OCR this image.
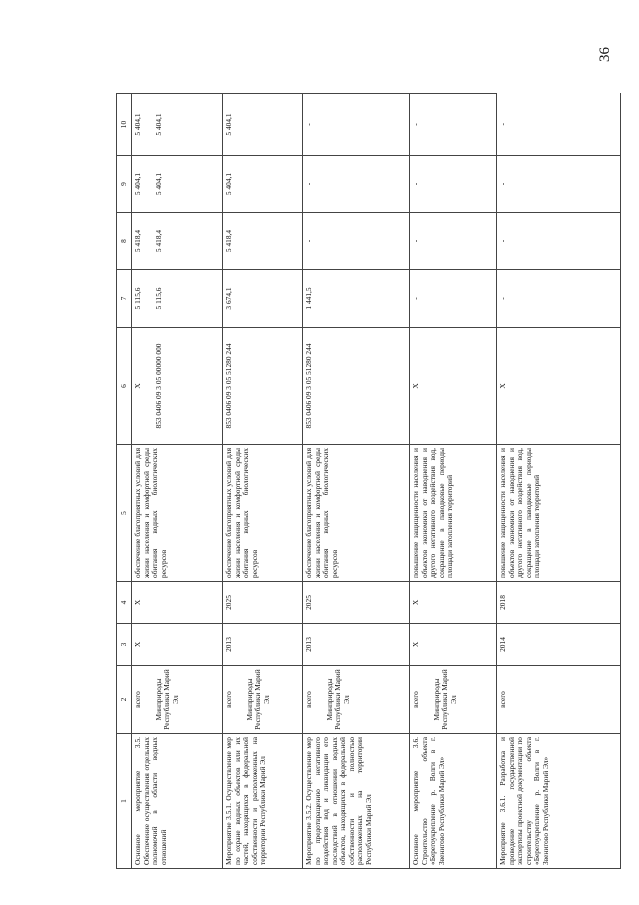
36
1	2	3	4	5	6	7	8	9	10
Основное мероприятие 3.5. Обеспечение осуществления отдельных полномочий в области водных отношений	всего Минприроды Республики Марий Эл	Х	Х	обеспечение благоприятных условий для жизни населения и комфортной среды обитания водных биологических ресурсов	Х 853 0406 09 3 05 00000 000	5 115,6 5 115,6	5 418,4 5 418,4	5 404,1 5 404,1	5 404,1 5 404,1

Мероприятие 3.5.1. Осуществление мер по охране водных объектов или их частей, находящихся в федеральной собственности и расположенных на территории Республики Марий Эл	всего Минприроды Республики Марий Эл	2013	2025	обеспечение благоприятных условий для жизни населения и комфортной среды обитания водных биологических ресурсов	853 0406 09 3 05 51280 244	3 674,1	5 418,4	5 404,1	5 404,1
Мероприятие 3.5.2. Осуществление мер по предотвращению негативного воздействия вод и ликвидации его последствий в отношении водных объектов, находящихся в федеральной собственности и полностью расположенных на территории Республики Марий Эл	всего Минприроды Республики Марий Эл	2013	2025	обеспечение благоприятных условий для жизни населения и комфортной среды обитания водных биологических ресурсов	853 0406 09 3 05 51280 244	1 441,5	-	-	-
Основное мероприятие 3.6. Строительство объекта «Берегоукрепление р. Волги в г. Звенигово Республики Марий Эл»	всего Минприроды Республики Марий Эл	Х	Х	повышение защищенности населения и объектов экономики от наводнения и другого негативного воздействия вод, сокращение в паводковые периоды площади затопления территорий	Х	-	-	-	-
Мероприятие 3.6.1. Разработка и проведение государственной экспертизы проектной документации по строительству объекта «Берегоукрепление р. Волги в г. Звенигово Республики Марий Эл»	всего	2014	2018	повышение защищенности населения и объектов экономики от наводнения и другого негативного воздействия вод, сокращение в паводковые периоды площади затопления территорий	Х	-	-	-	-
